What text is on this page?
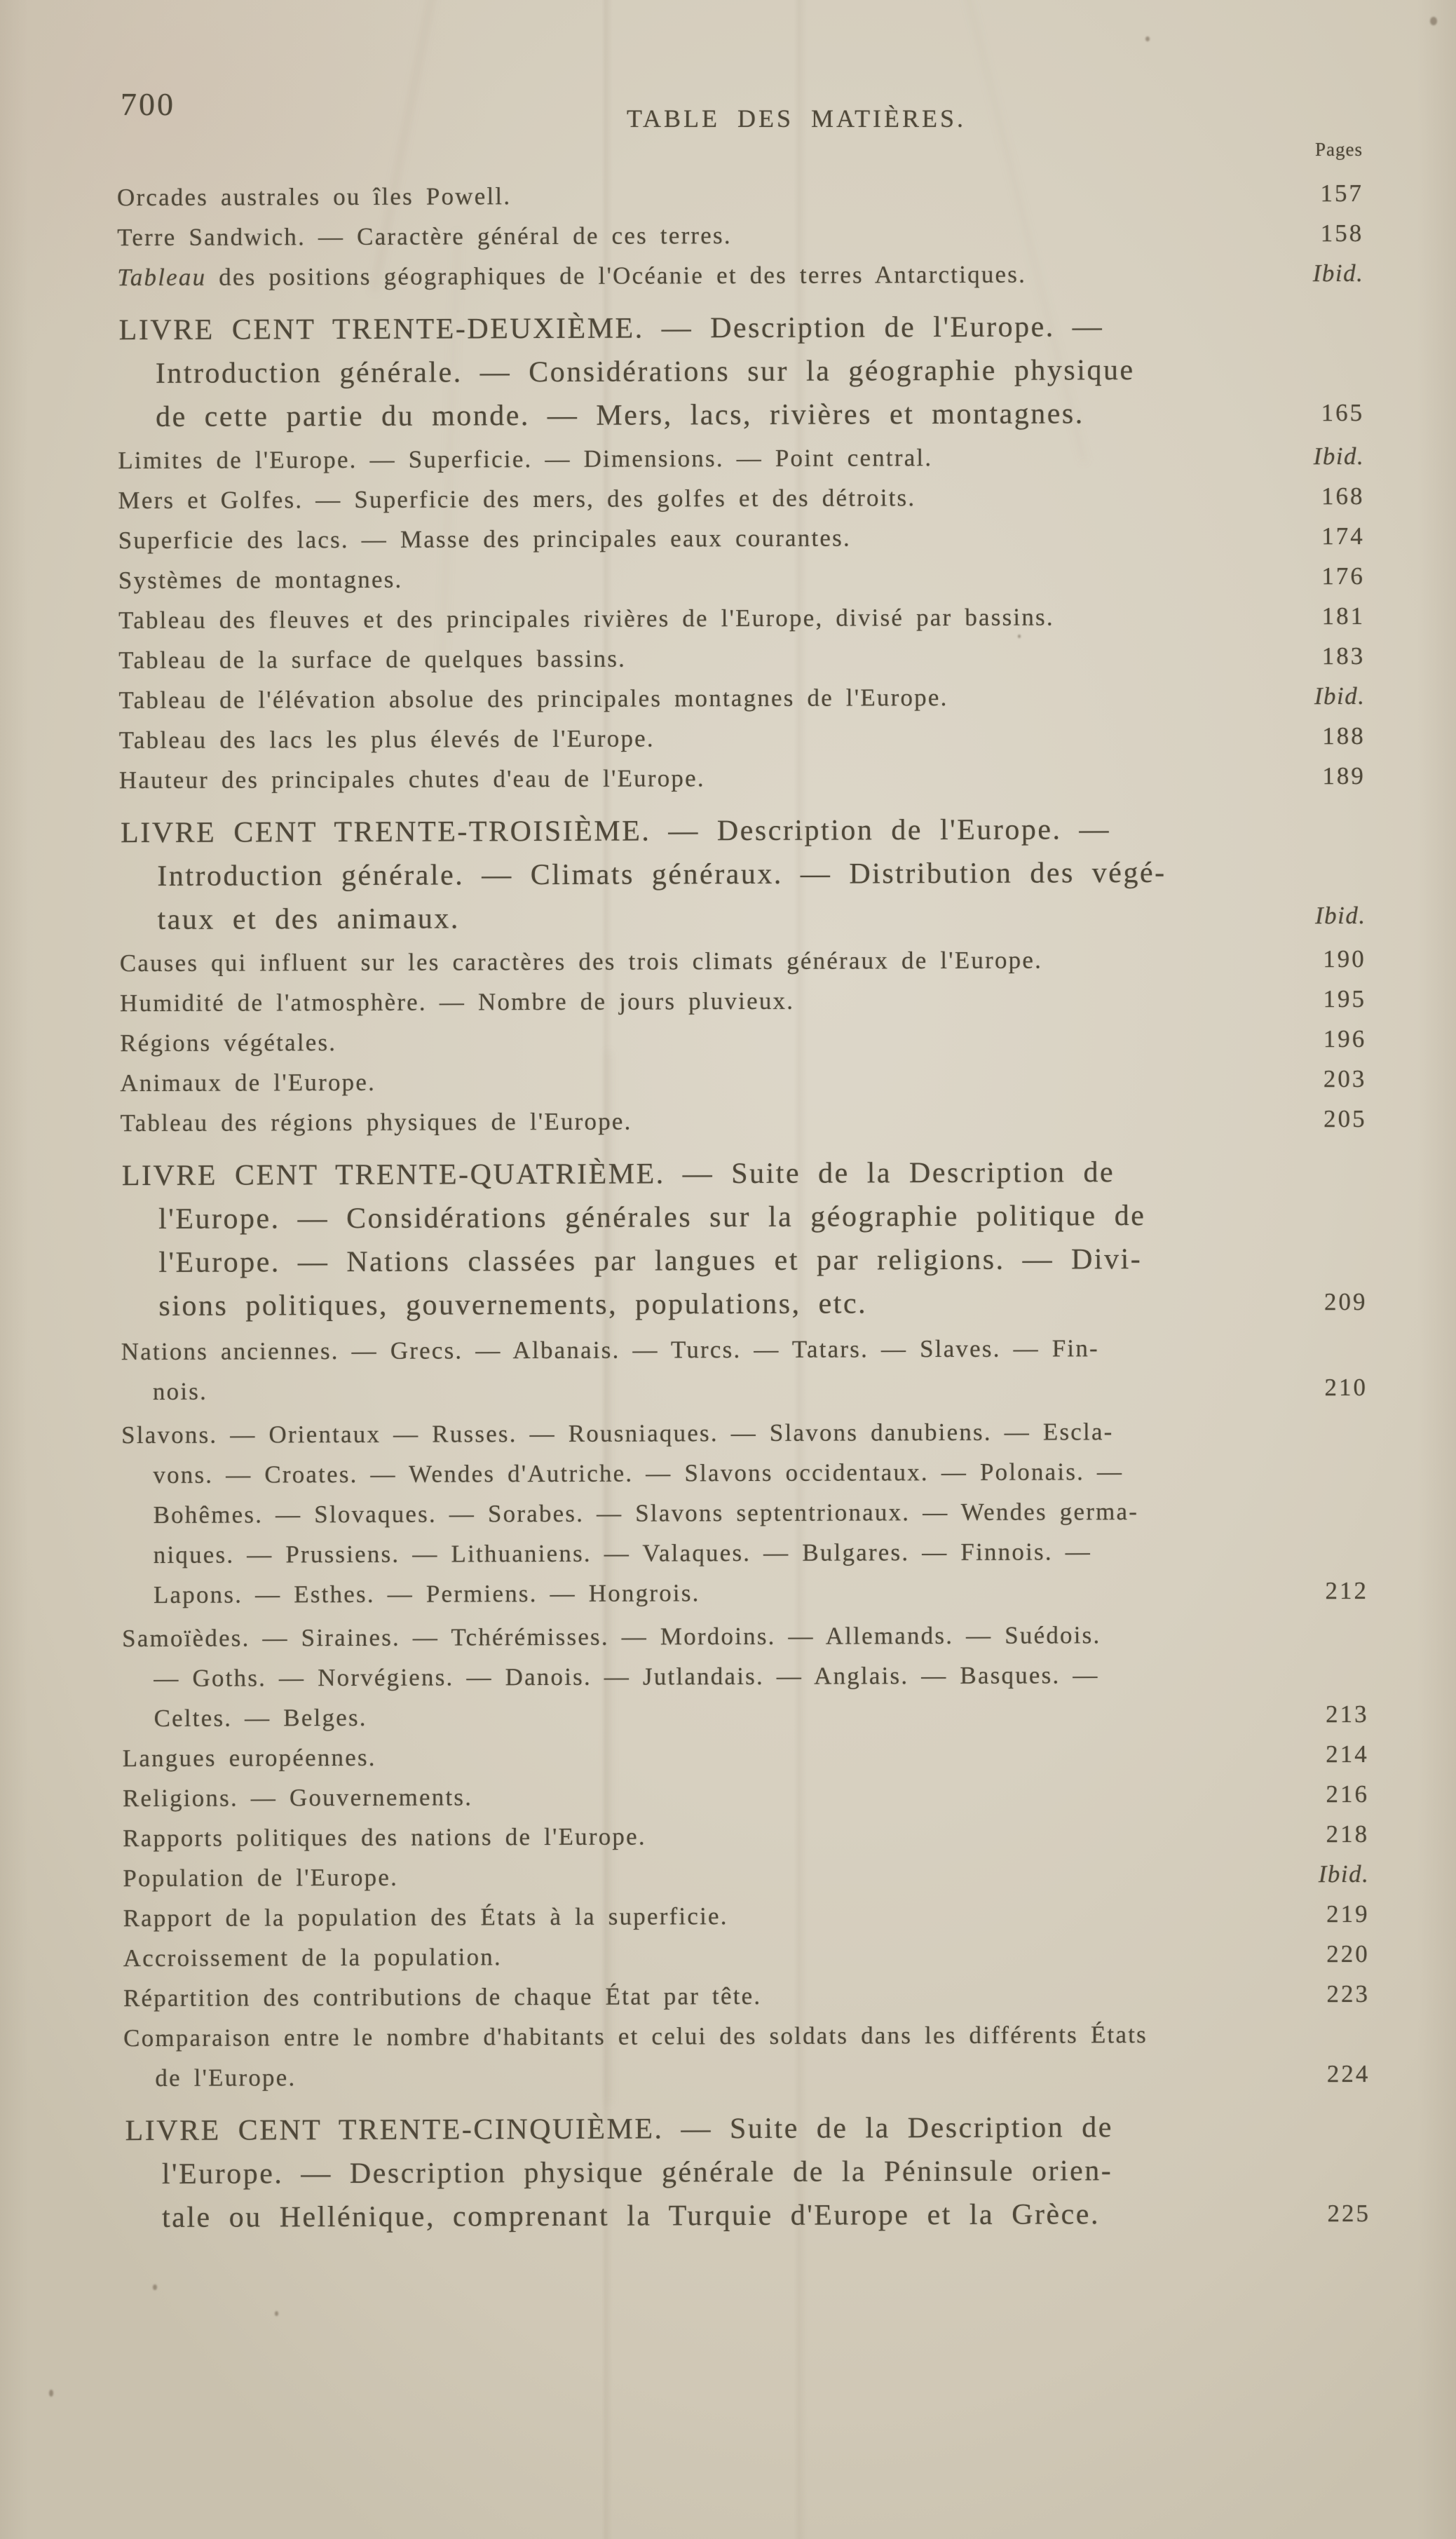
700	TABLE DES MATIÈRES.
Pages
Orcades australes ou îles Powell.	157
Terre Sandwich. — Caractère général de ces terres.	158
Tableau des positions géographiques de l'Océanie et des terres Antarctiques.	Ibid.
LIVRE CENT TRENTE-DEUXIÈME. — Description de l'Europe. —
Introduction générale. — Considérations sur la géographie physique
de cette partie du monde. — Mers, lacs, rivières et montagnes.	165
Limites de l'Europe. — Superficie. — Dimensions. — Point central.	Ibid.
Mers et Golfes. — Superficie des mers, des golfes et des détroits.	168
Superficie des lacs. — Masse des principales eaux courantes.	174
Systèmes de montagnes.	176
Tableau des fleuves et des principales rivières de l'Europe, divisé par bassins.	181
Tableau de la surface de quelques bassins.	183
Tableau de l'élévation absolue des principales montagnes de l'Europe.	Ibid.
Tableau des lacs les plus élevés de l'Europe.	188
Hauteur des principales chutes d'eau de l'Europe.	189
LIVRE CENT TRENTE-TROISIÈME. — Description de l'Europe. —
Introduction générale. — Climats généraux. — Distribution des végé-
taux et des animaux.	Ibid.
Causes qui influent sur les caractères des trois climats généraux de l'Europe.	190
Humidité de l'atmosphère. — Nombre de jours pluvieux.	195
Régions végétales.	196
Animaux de l'Europe.	203
Tableau des régions physiques de l'Europe.	205
LIVRE CENT TRENTE-QUATRIÈME. — Suite de la Description de
l'Europe. — Considérations générales sur la géographie politique de
l'Europe. — Nations classées par langues et par religions. — Divi-
sions politiques, gouvernements, populations, etc.	209
Nations anciennes. — Grecs. — Albanais. — Turcs. — Tatars. — Slaves. — Fin-
nois.	210
Slavons. — Orientaux — Russes. — Rousniaques. — Slavons danubiens. — Escla-
vons. — Croates. — Wendes d'Autriche. — Slavons occidentaux. — Polonais. —
Bohêmes. — Slovaques. — Sorabes. — Slavons septentrionaux. — Wendes germa-
niques. — Prussiens. — Lithuaniens. — Valaques. — Bulgares. — Finnois. —
Lapons. — Esthes. — Permiens. — Hongrois.	212
Samoïèdes. — Siraines. — Tchérémisses. — Mordoins. — Allemands. — Suédois.
— Goths. — Norvégiens. — Danois. — Jutlandais. — Anglais. — Basques. —
Celtes. — Belges.	213
Langues européennes.	214
Religions. — Gouvernements.	216
Rapports politiques des nations de l'Europe.	218
Population de l'Europe.	Ibid.
Rapport de la population des États à la superficie.	219
Accroissement de la population.	220
Répartition des contributions de chaque État par tête.	223
Comparaison entre le nombre d'habitants et celui des soldats dans les différents États
de l'Europe.	224
LIVRE CENT TRENTE-CINQUIÈME. — Suite de la Description de
l'Europe. — Description physique générale de la Péninsule orien-
tale ou Hellénique, comprenant la Turquie d'Europe et la Grèce.	225
